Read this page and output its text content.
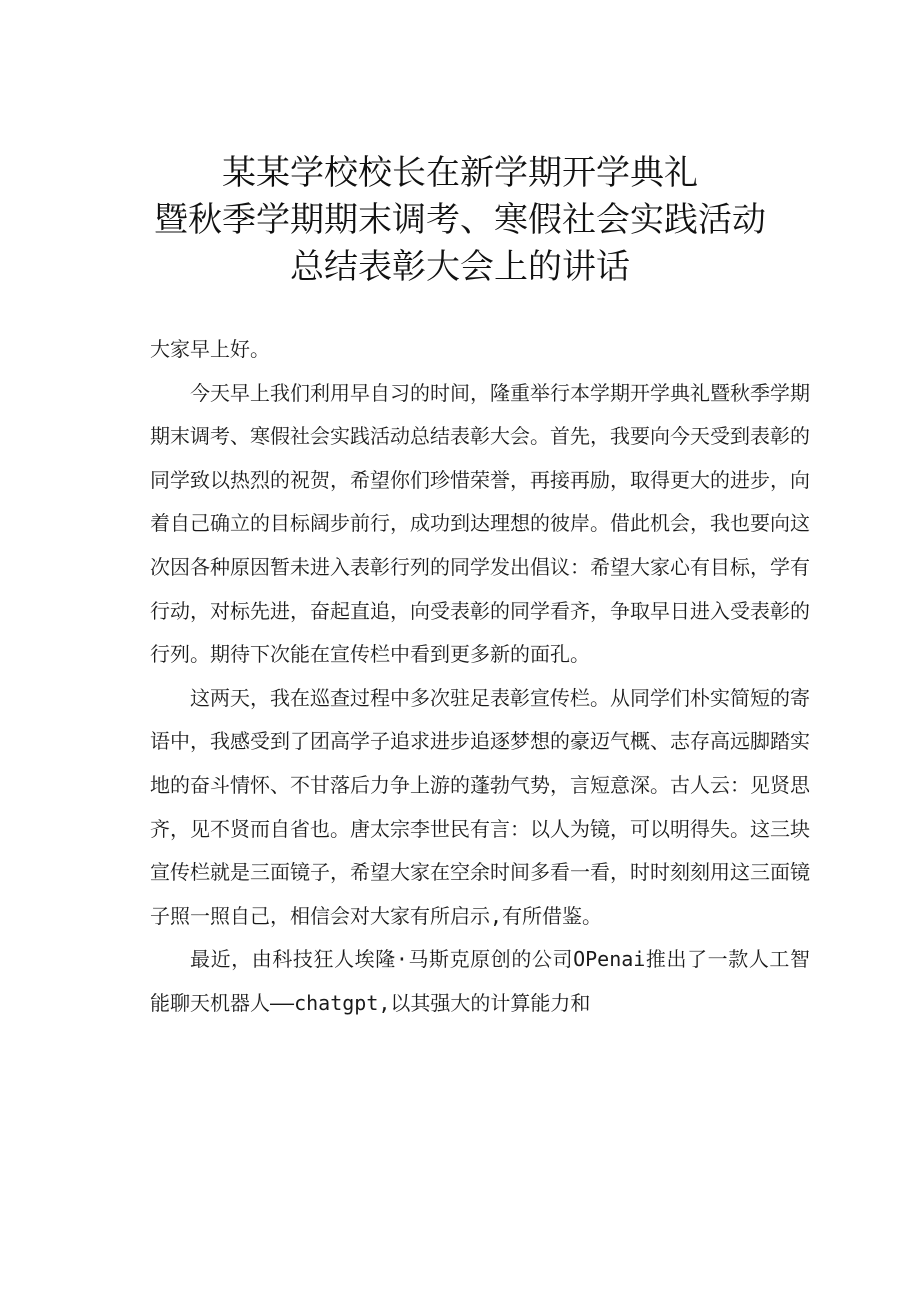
某某学校校长在新学期开学典礼
暨秋季学期期末调考、寒假社会实践活动
总结表彰大会上的讲话

大家早上好。

今天早上我们利用早自习的时间，隆重举行本学期开学典礼暨秋季学期期末调考、寒假社会实践活动总结表彰大会。首先，我要向今天受到表彰的同学致以热烈的祝贺，希望你们珍惜荣誉，再接再励，取得更大的进步，向着自己确立的目标阔步前行，成功到达理想的彼岸。借此机会，我也要向这次因各种原因暂未进入表彰行列的同学发出倡议：希望大家心有目标，学有行动，对标先进，奋起直追，向受表彰的同学看齐，争取早日进入受表彰的行列。期待下次能在宣传栏中看到更多新的面孔。

这两天，我在巡查过程中多次驻足表彰宣传栏。从同学们朴实简短的寄语中，我感受到了团高学子追求进步追逐梦想的豪迈气概、志存高远脚踏实地的奋斗情怀、不甘落后力争上游的蓬勃气势，言短意深。古人云：见贤思齐，见不贤而自省也。唐太宗李世民有言：以人为镜，可以明得失。这三块宣传栏就是三面镜子，希望大家在空余时间多看一看，时时刻刻用这三面镜子照一照自己，相信会对大家有所启示,有所借鉴。

最近，由科技狂人埃隆·马斯克原创的公司OPenai推出了一款人工智能聊天机器人——chatgpt,以其强大的计算能力和
